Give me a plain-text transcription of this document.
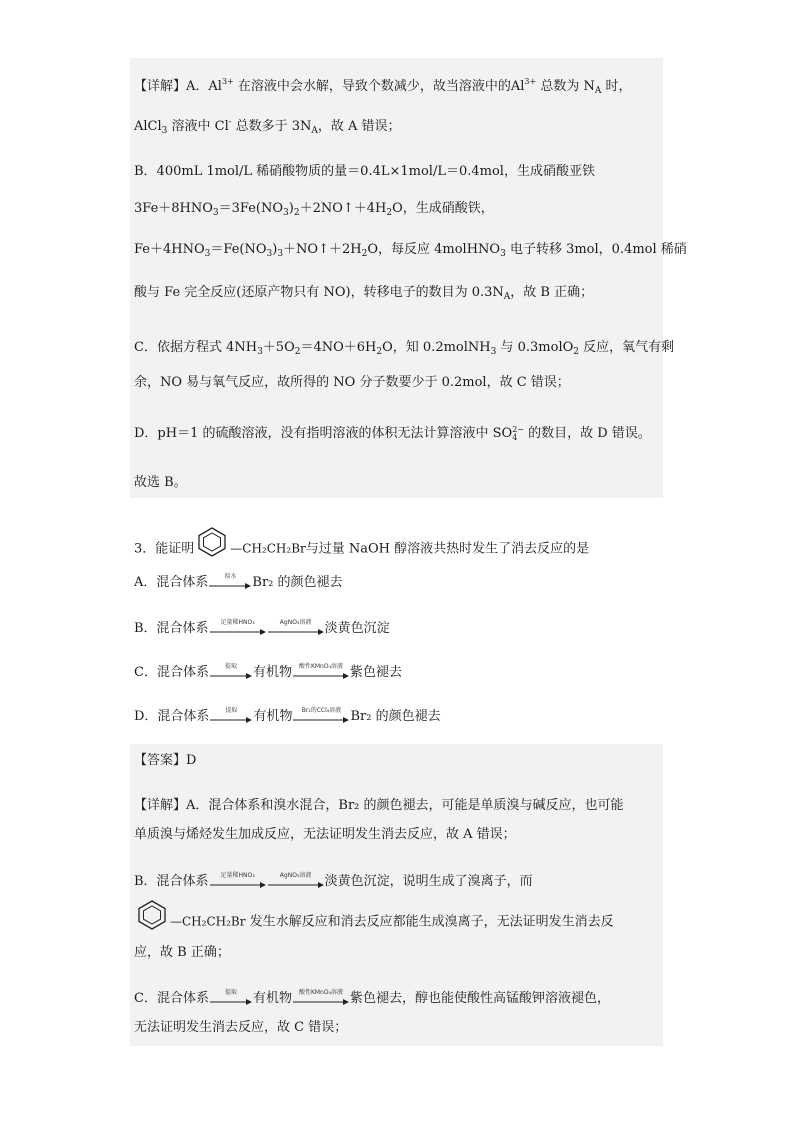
【详解】A．$Al^{3+}$ 在溶液中会水解，导致个数减少，故当溶液中的$Al^{3+}$ 总数为 $N_A$ 时，
AlCl$_3$ 溶液中 Cl- 总数多于 $3N_A$，故 A 错误；
B．400mL 1mol/L 稀硝酸物质的量＝0.4L×1mol/L＝0.4mol，生成硝酸亚铁
$3Fe+8HNO_3=3Fe(NO_3)_2+2NO↑+4H_2O$，生成硝酸铁，
$Fe+4HNO_3=Fe(NO_3)_3+NO↑+2H_2O$，每反应 4molHNO$_3$ 电子转移 3mol，0.4mol 稀硝
酸与 Fe 完全反应(还原产物只有 NO)，转移电子的数目为 $0.3N_A$，故 B 正确；
C．依据方程式 $4NH_3+5O_2=4NO+6H_2O$，知 0.2molNH$_3$ 与 0.3molO$_2$ 反应，氧气有剩
余，NO 易与氧气反应，故所得的 NO 分子数要少于 0.2mol，故 C 错误；
D．pH＝1 的硫酸溶液，没有指明溶液的体积无法计算溶液中 SO 2−
4 的数目，故 D 错误。
故选 B。
3．能证明	—CH₂CH₂Br与过量 NaOH 醇溶液共热时发生了消去反应的是
A．混合体系	溴水	Br₂ 的颜色褪去
B．混合体系	足量稀HNO₃	AgNO₃溶液	淡黄色沉淀
C．混合体系	提取	有机物	酸性KMnO₄溶液 紫色褪去
D．混合体系	提取	有机物	Br₂的CCl₄溶液 Br₂ 的颜色褪去
【答案】D
【详解】A．混合体系和溴水混合，Br₂ 的颜色褪去，可能是单质溴与碱反应，也可能
单质溴与烯烃发生加成反应，无法证明发生消去反应，故 A 错误；
B．混合体系	足量稀HNO₃	AgNO₃溶液	淡黄色沉淀，说明生成了溴离子，而
—CH₂CH₂Br 发生水解反应和消去反应都能生成溴离子，无法证明发生消去反
应，故 B 正确；
C．混合体系	提取	有机物	酸性KMnO₄溶液 紫色褪去，醇也能使酸性高锰酸钾溶液褪色，
无法证明发生消去反应，故 C 错误；
